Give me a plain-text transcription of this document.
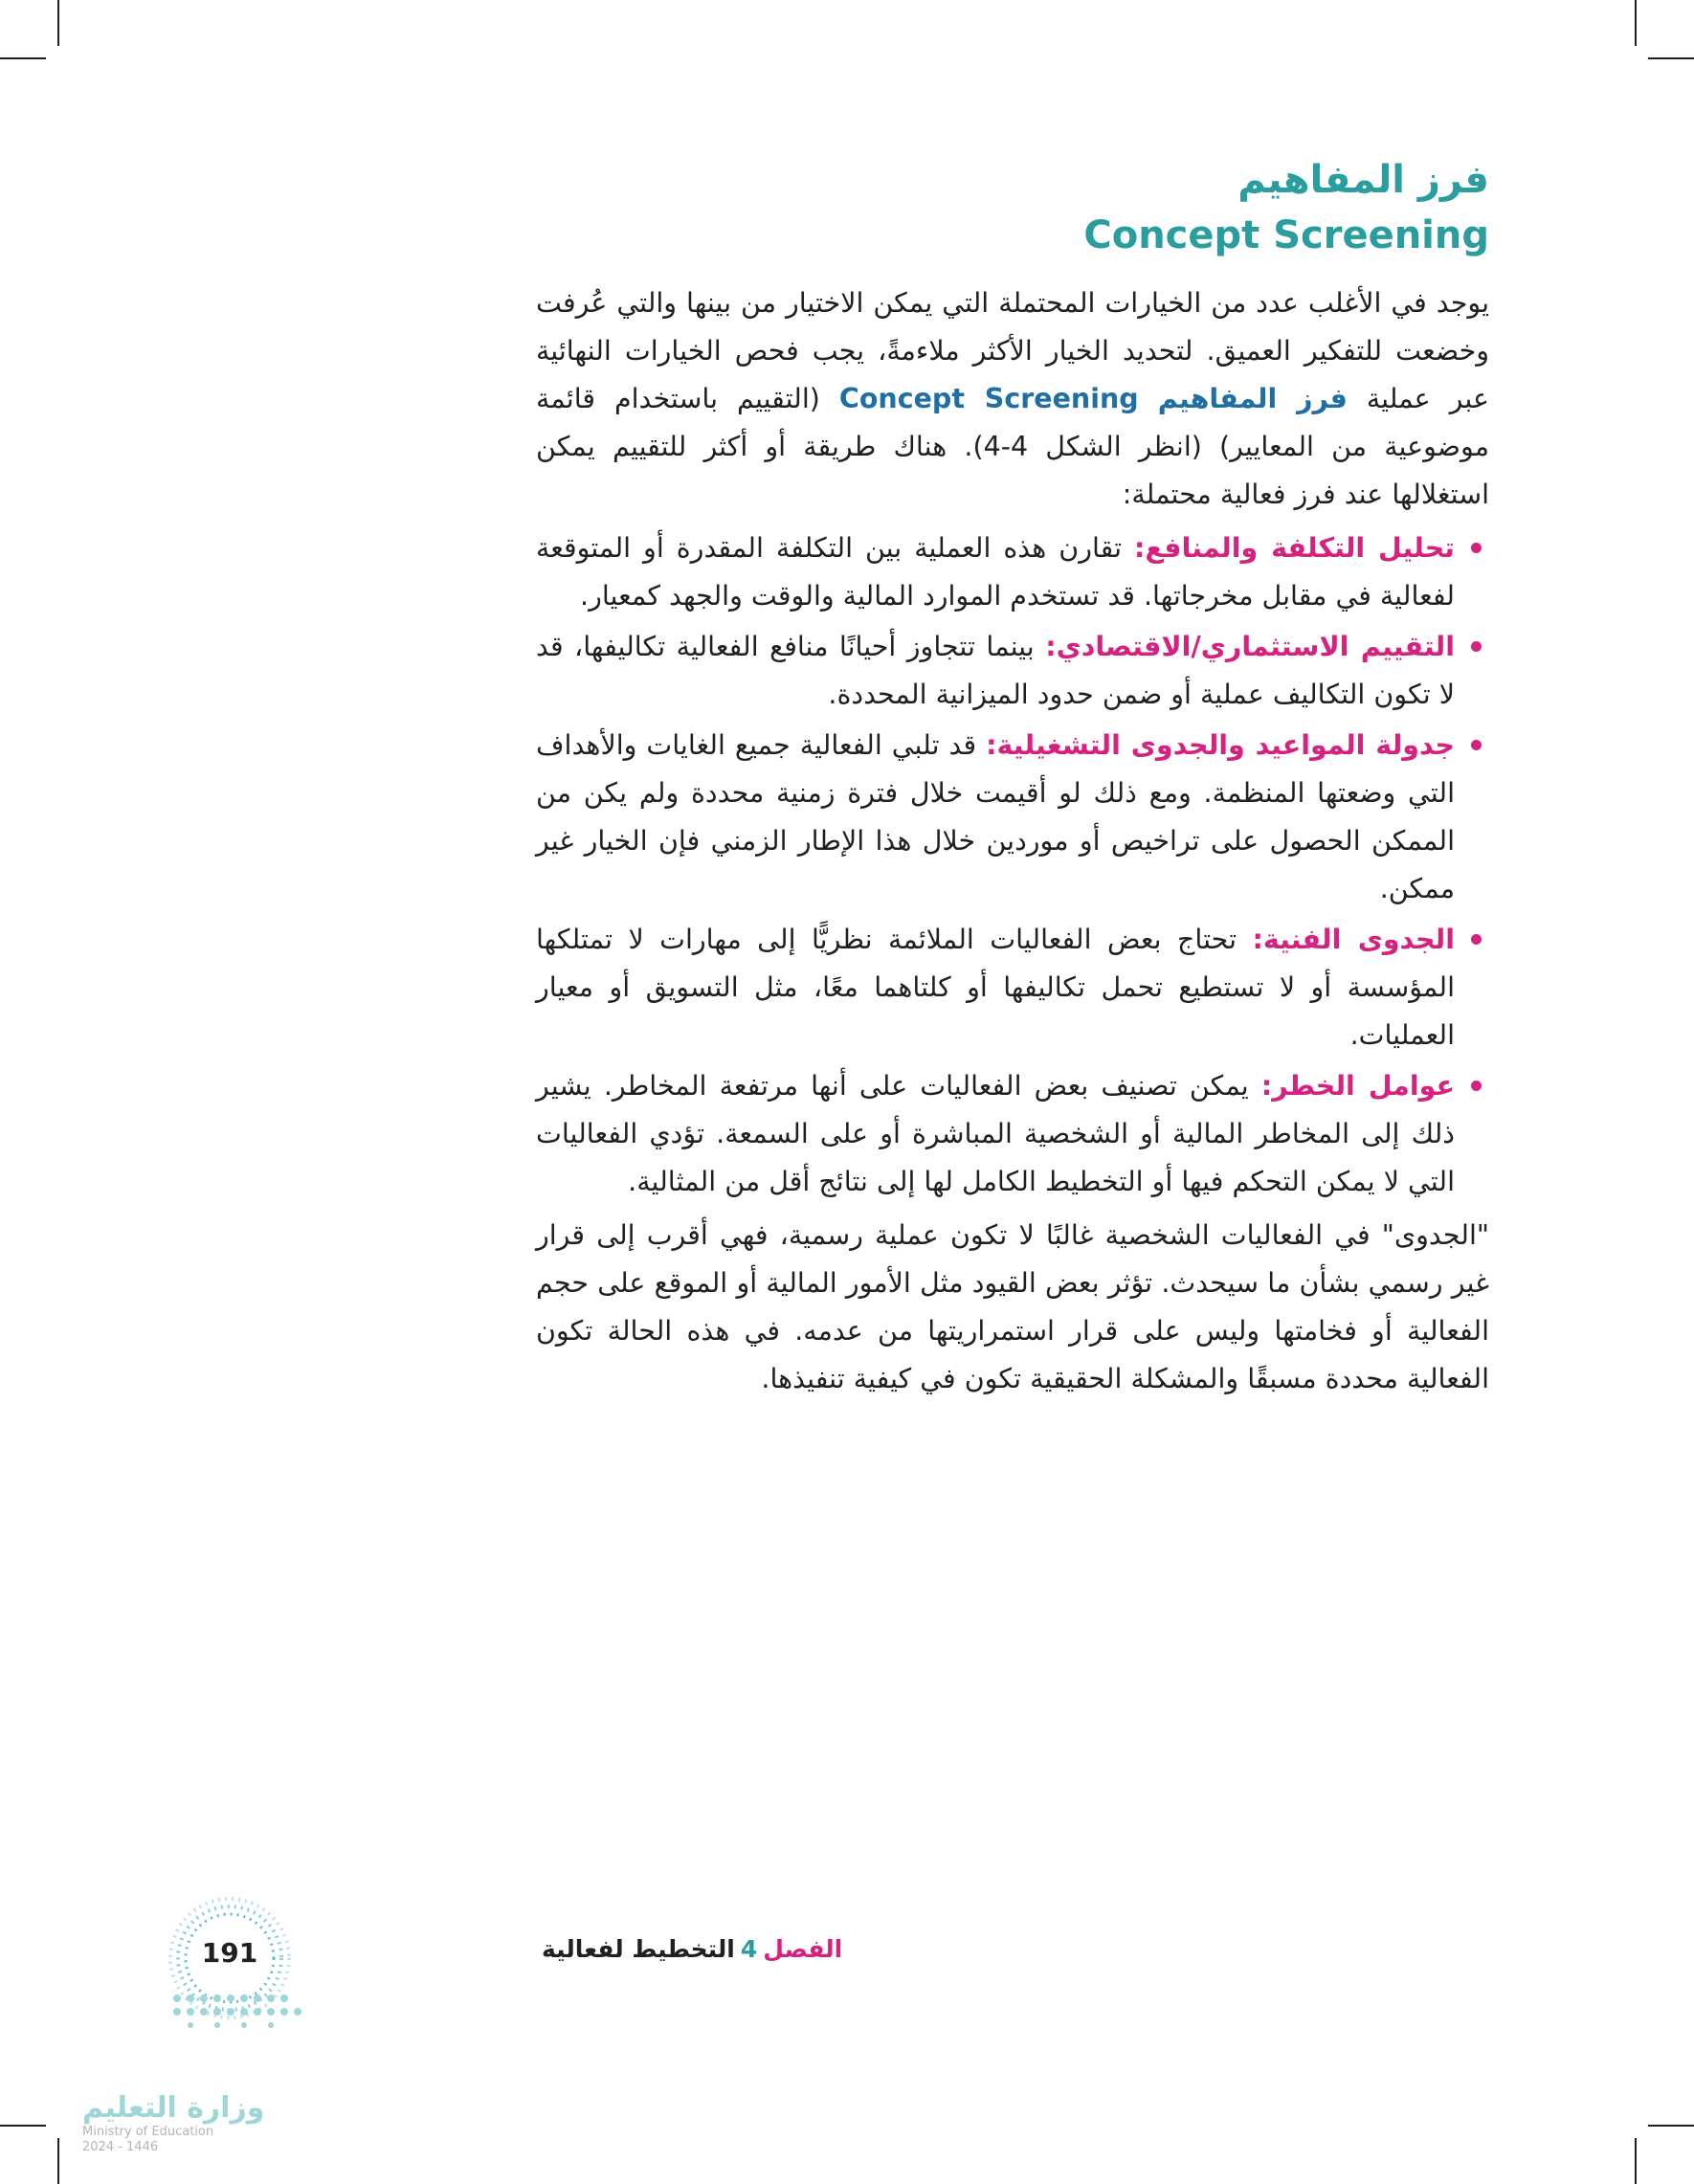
فرز المفاهيم
Concept Screening

يوجد في الأغلب عدد من الخيارات المحتملة التي يمكن الاختيار من بينها والتي عُرفت وخضعت للتفكير العميق. لتحديد الخيار الأكثر ملاءمةً، يجب فحص الخيارات النهائية عبر عملية فرز المفاهيم Concept Screening (التقييم باستخدام قائمة موضوعية من المعايير) (انظر الشكل 4-4). هناك طريقة أو أكثر للتقييم يمكن استغلالها عند فرز فعالية محتملة:

تحليل التكلفة والمنافع: تقارن هذه العملية بين التكلفة المقدرة أو المتوقعة لفعالية في مقابل مخرجاتها. قد تستخدم الموارد المالية والوقت والجهد كمعيار.
التقييم الاستثماري/الاقتصادي: بينما تتجاوز أحيانًا منافع الفعالية تكاليفها، قد لا تكون التكاليف عملية أو ضمن حدود الميزانية المحددة.
جدولة المواعيد والجدوى التشغيلية: قد تلبي الفعالية جميع الغايات والأهداف التي وضعتها المنظمة. ومع ذلك لو أقيمت خلال فترة زمنية محددة ولم يكن من الممكن الحصول على تراخيص أو موردين خلال هذا الإطار الزمني فإن الخيار غير ممكن.
الجدوى الفنية: تحتاج بعض الفعاليات الملائمة نظريًّا إلى مهارات لا تمتلكها المؤسسة أو لا تستطيع تحمل تكاليفها أو كلتاهما معًا، مثل التسويق أو معيار العمليات.
عوامل الخطر: يمكن تصنيف بعض الفعاليات على أنها مرتفعة المخاطر. يشير ذلك إلى المخاطر المالية أو الشخصية المباشرة أو على السمعة. تؤدي الفعاليات التي لا يمكن التحكم فيها أو التخطيط الكامل لها إلى نتائج أقل من المثالية.

"الجدوى" في الفعاليات الشخصية غالبًا لا تكون عملية رسمية، فهي أقرب إلى قرار غير رسمي بشأن ما سيحدث. تؤثر بعض القيود مثل الأمور المالية أو الموقع على حجم الفعالية أو فخامتها وليس على قرار استمراريتها من عدمه. في هذه الحالة تكون الفعالية محددة مسبقًا والمشكلة الحقيقية تكون في كيفية تنفيذها.

الفصل4التخطيط لفعالية
191
وزارة التعليم
Ministry of Education
2024 - 1446
